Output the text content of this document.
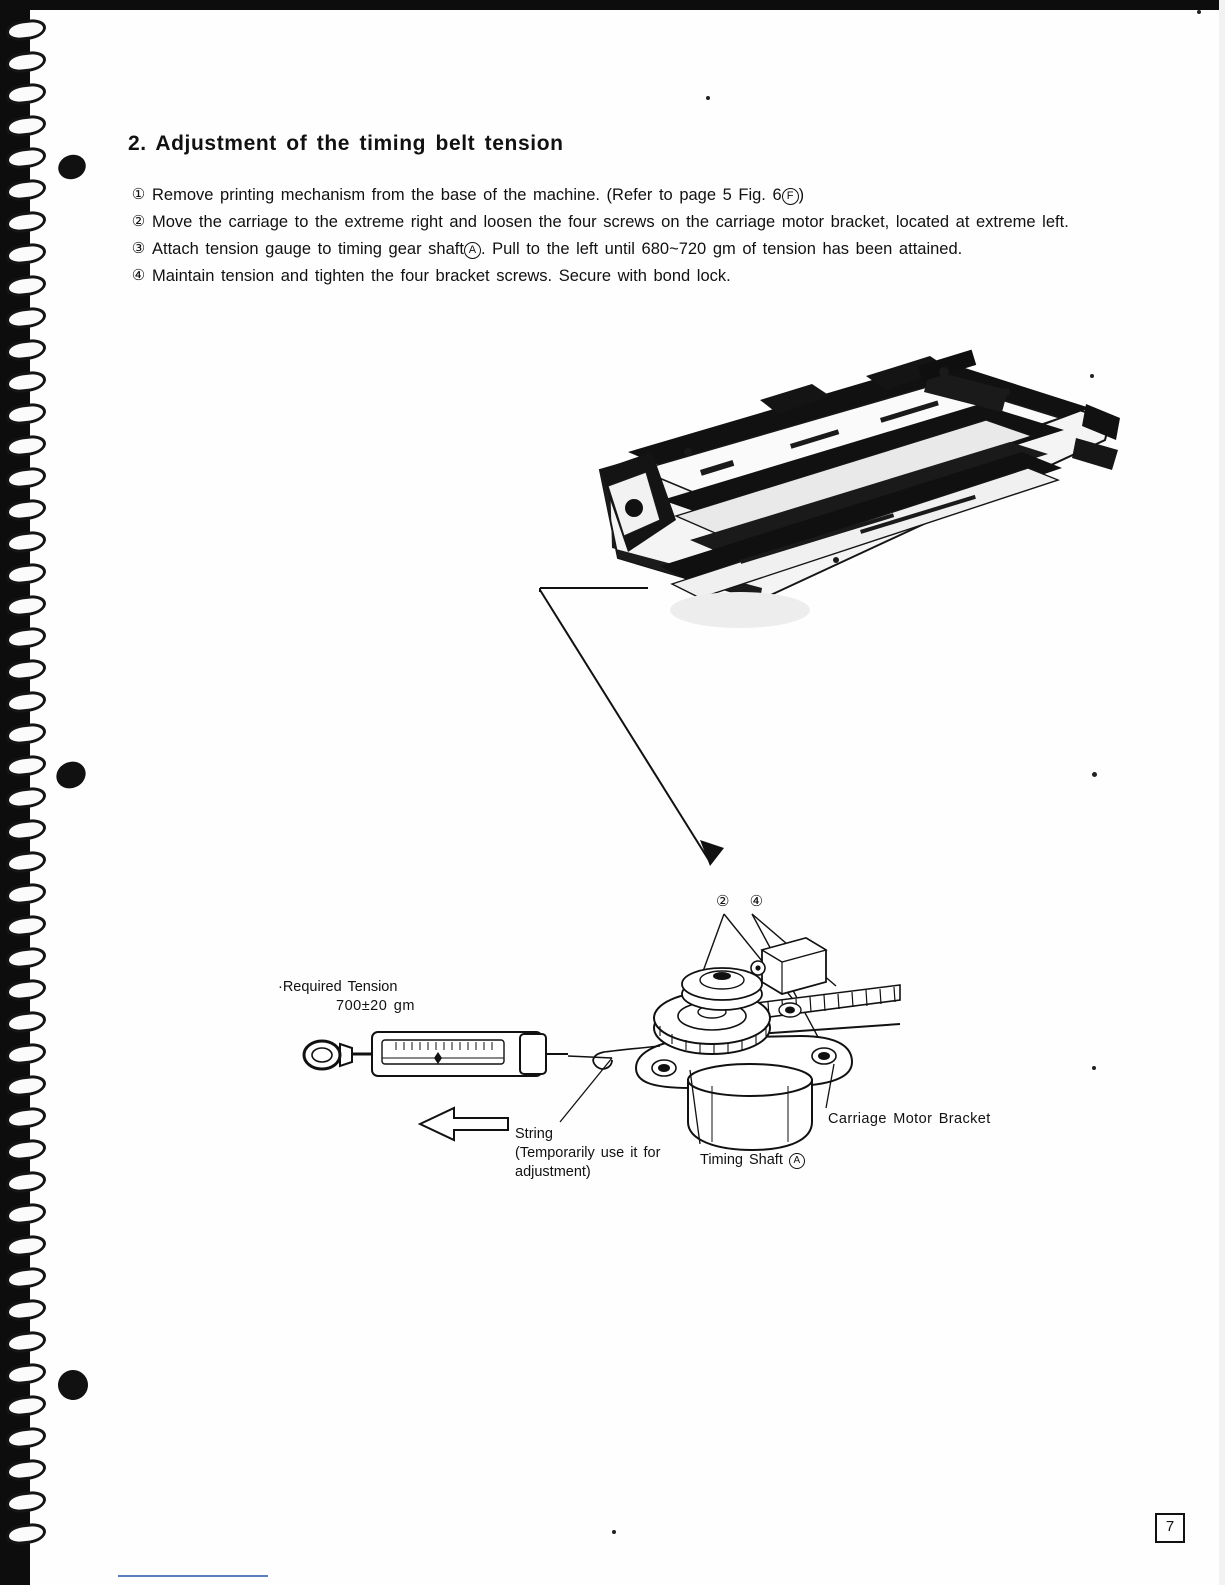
2. Adjustment of the timing belt tension
① Remove printing mechanism from the base of the machine. (Refer to page 5 Fig. 6 F )
② Move the carriage to the extreme right and loosen the four screws on the carriage motor bracket, located at extreme left.
③ Attach tension gauge to timing gear shaft A . Pull to the left until 680~720 gm of tension has been attained.
④ Maintain tension and tighten the four bracket screws. Secure with bond lock.
② ④
·Required Tension
700±20 gm
Carriage Motor Bracket
String
(Temporarily use it for
adjustment)
Timing Shaft A
7
